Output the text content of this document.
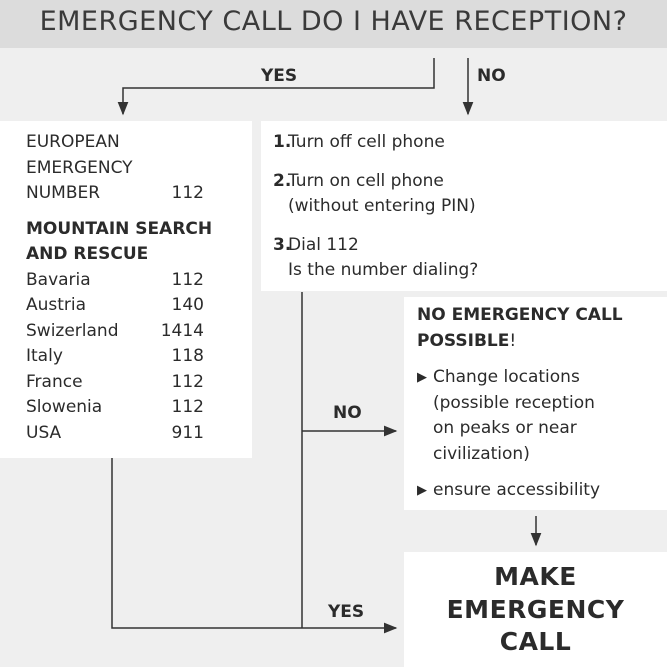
EMERGENCY CALL DO I HAVE RECEPTION?
YES	NO
NO
YES
EUROPEAN
EMERGENCY
NUMBER	112
MOUNTAIN SEARCH
AND RESCUE
Bavaria	112
Austria	140
Swizerland 1414
Italy	118
France	112
Slowenia	112
USA	911
1.
Turn off cell phone
2.
Turn on cell phone
(without entering PIN)
3.
Dial 112
Is the number dialing?
NO EMERGENCY CALL
POSSIBLE!
▶ Change locations
(possible reception
on peaks or near
civilization)
▶ ensure accessibility
MAKE
EMERGENCY
CALL
